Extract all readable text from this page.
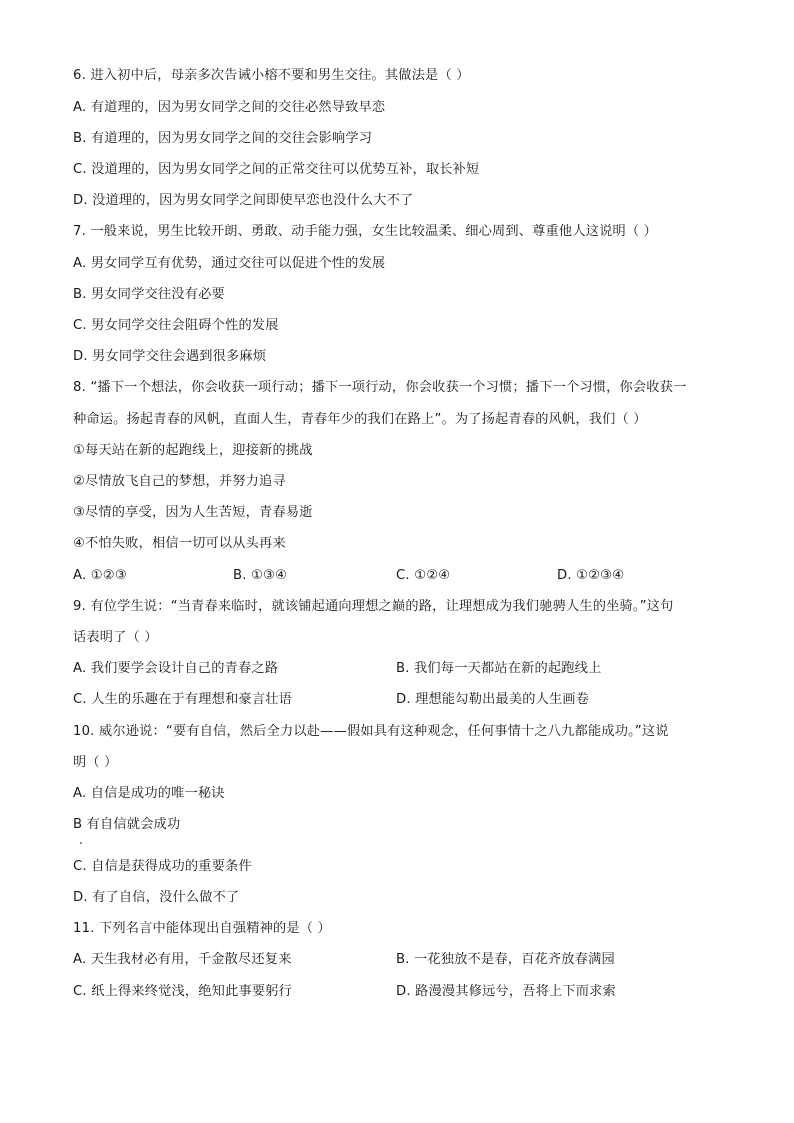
6. 进入初中后，母亲多次告诫小榕不要和男生交往。其做法是（ ）
A. 有道理的，因为男女同学之间的交往必然导致早恋
B. 有道理的，因为男女同学之间的交往会影响学习
C. 没道理的，因为男女同学之间的正常交往可以优势互补，取长补短
D. 没道理的，因为男女同学之间即使早恋也没什么大不了
7. 一般来说，男生比较开朗、勇敢、动手能力强，女生比较温柔、细心周到、尊重他人这说明（ ）
A. 男女同学互有优势，通过交往可以促进个性的发展
B. 男女同学交往没有必要
C. 男女同学交往会阻碍个性的发展
D. 男女同学交往会遇到很多麻烦
8. “播下一个想法，你会收获一项行动；播下一项行动，你会收获一个习惯；播下一个习惯，你会收获一
种命运。扬起青春的风帆，直面人生，青春年少的我们在路上”。为了扬起青春的风帆，我们（ ）
①每天站在新的起跑线上，迎接新的挑战
②尽情放飞自己的梦想，并努力追寻
③尽情的享受，因为人生苦短，青春易逝
④不怕失败，相信一切可以从头再来
A. ①②③	B. ①③④	C. ①②④	D. ①②③④
9. 有位学生说：“当青春来临时，就该铺起通向理想之巅的路，让理想成为我们驰骋人生的坐骑。”这句
话表明了（ ）
A. 我们要学会设计自己的青春之路	B. 我们每一天都站在新的起跑线上
C. 人生的乐趣在于有理想和豪言壮语	D. 理想能勾勒出最美的人生画卷
10. 威尔逊说：“要有自信，然后全力以赴——假如具有这种观念，任何事情十之八九都能成功。”这说
明（ ）
A. 自信是成功的唯一秘诀
B 有自信就会成功
C. 自信是获得成功的重要条件
D. 有了自信，没什么做不了
11. 下列名言中能体现出自强精神的是（ ）
A. 天生我材必有用，千金散尽还复来	B. 一花独放不是春，百花齐放春满园
C. 纸上得来终觉浅，绝知此事要躬行	D. 路漫漫其修远兮，吾将上下而求索
